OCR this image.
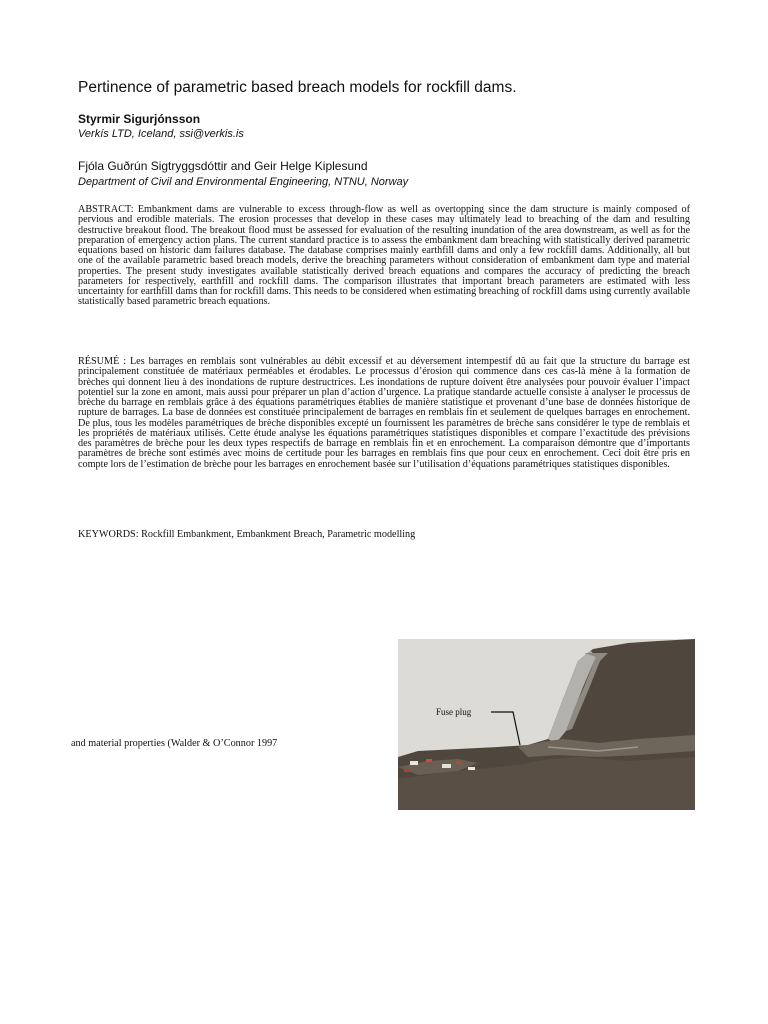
Pertinence of parametric based breach models for rockfill dams.
Styrmir Sigurjónsson
Verkís LTD, Iceland, ssi@verkis.is
Fjóla Guðrún Sigtryggsdóttir and Geir Helge Kiplesund
Department of Civil and Environmental Engineering, NTNU, Norway

ABSTRACT: Embankment dams are vulnerable to excess through-flow as well as overtopping since the dam structure is mainly composed of pervious and erodible materials. The erosion processes that develop in these cases may ultimately lead to breaching of the dam and resulting destructive breakout flood. The breakout flood must be assessed for evaluation of the resulting inundation of the area downstream, as well as for the preparation of emergency action plans. The current standard practice is to assess the embankment dam breaching with statistically derived parametric equations based on historic dam failures database. The database comprises mainly earthfill dams and only a few rockfill dams. Additionally, all but one of the available parametric based breach models, derive the breaching parameters without consideration of embankment dam type and material properties. The present study investigates available statistically derived breach equations and compares the accuracy of predicting the breach parameters for respectively, earthfill and rockfill dams. The comparison illustrates that important breach parameters are estimated with less uncertainty for earthfill dams than for rockfill dams. This needs to be considered when estimating breaching of rockfill dams using currently available statistically based parametric breach equations.

RÉSUMÉ : Les barrages en remblais sont vulnérables au débit excessif et au déversement intempestif dû au fait que la structure du barrage est principalement constituée de matériaux perméables et érodables. Le processus d’érosion qui commence dans ces cas-là mène à la formation de brèches qui donnent lieu à des inondations de rupture destructrices. Les inondations de rupture doivent être analysées pour pouvoir évaluer l’impact potentiel sur la zone en amont, mais aussi pour préparer un plan d’action d’urgence. La pratique standarde actuelle consiste à analyser le processus de brèche du barrage en remblais grâce à des équations paramétriques établies de manière statistique et provenant d’une base de données historique de rupture de barrages. La base de données est constituée principalement de barrages en remblais fin et seulement de quelques barrages en enrochement. De plus, tous les modèles paramétriques de brèche disponibles excepté un fournissent les paramètres de brèche sans considérer le type de remblais et les propriétés de matériaux utilisés. Cette étude analyse les équations paramétriques statistiques disponibles et compare l’exactitude des prévisions des paramètres de brèche pour les deux types respectifs de barrage en remblais fin et en enrochement. La comparaison démontre que d’importants paramètres de brèche sont estimés avec moins de certitude pour les barrages en remblais fins que pour ceux en enrochement. Ceci doit être pris en compte lors de l’estimation de brèche pour les barrages en enrochement basée sur l’utilisation d’équations paramétriques statistiques disponibles.

KEYWORDS: Rockfill Embankment, Embankment Breach, Parametric modelling

and material properties (Walder & O’Connor 1997

Fuse plug
